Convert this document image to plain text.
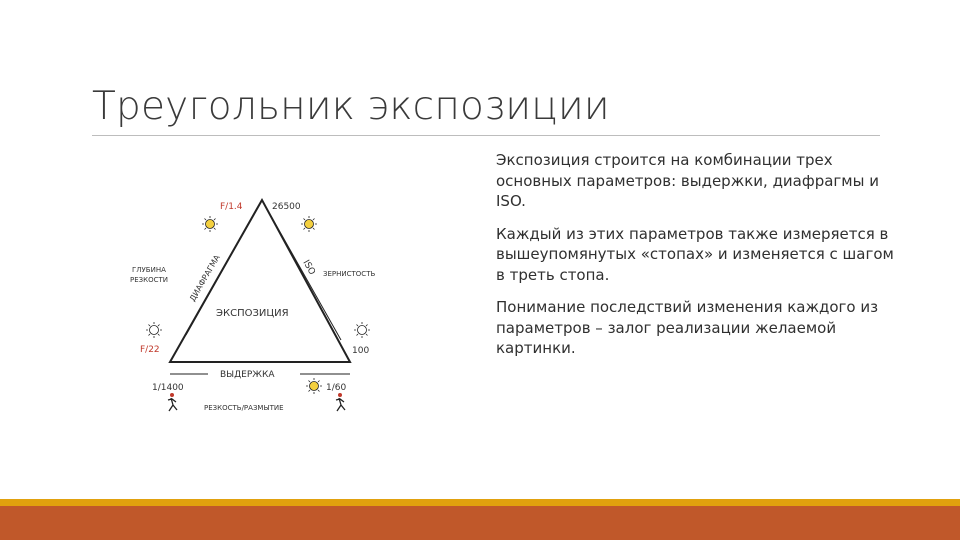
Треугольник экспозиции
ДИАФРАГМА	ISO
ВЫДЕРЖКА
ЭКСПОЗИЦИЯ
F/1.4	26500
F/22	100
1/1400	1/60
ГЛУБИНА
РЕЗКОСТИ
ЗЕРНИСТОСТЬ
РЕЗКОСТЬ/РАЗМЫТИЕ

Экспозиция строится на комбинации трех основных параметров: выдержки, диафрагмы и ISO.

Каждый из этих параметров также измеряется в вышеупомянутых «стопах» и изменяется с шагом в треть стопа.

Понимание последствий изменения каждого из параметров – залог реализации желаемой картинки.
